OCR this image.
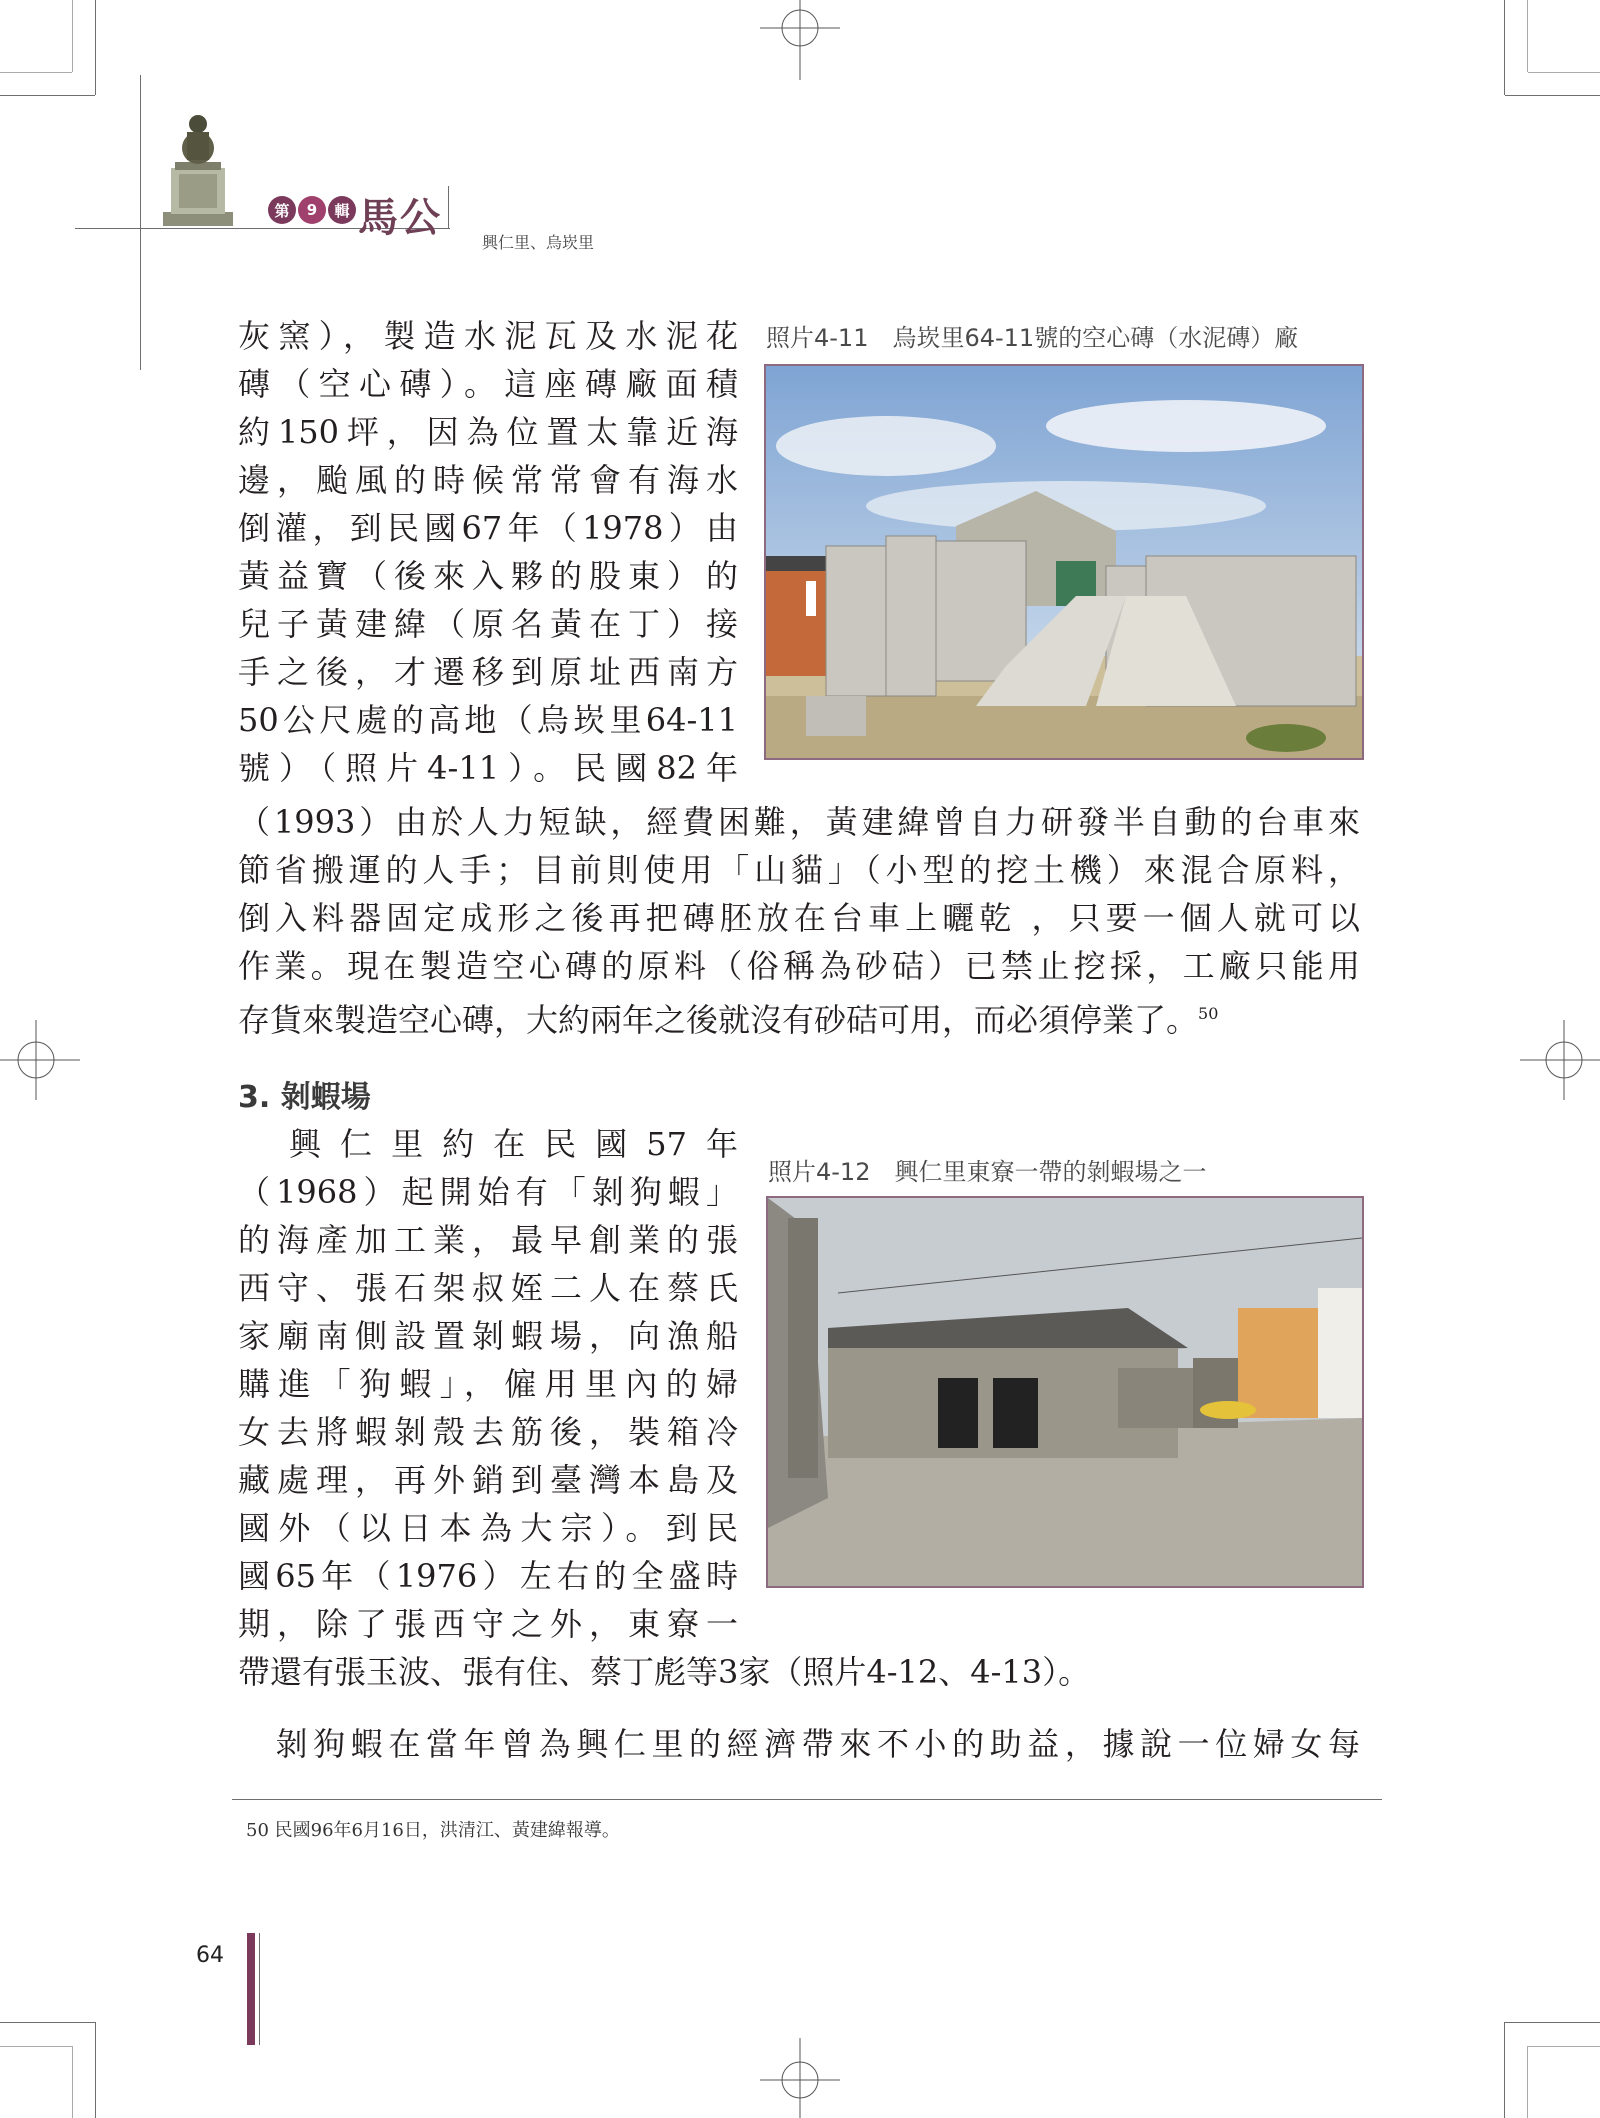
第	9	輯 馬公
興仁里、烏崁里
灰窯），製造水泥瓦及水泥花
磚（空心磚）。這座磚廠面積
約150坪，因為位置太靠近海
邊，颱風的時候常常會有海水
倒灌，到民國67年（1978）由
黃益寶（後來入夥的股東）的
兒子黃建緯（原名黃在丁）接
手之後，才遷移到原址西南方
50公尺處的高地（烏崁里64-11
號）（照片4-11）。民國82年
照片4-11　烏崁里64-11號的空心磚（水泥磚）廠
（1993）由於人力短缺，經費困難，黃建緯曾自力研發半自動的台車來
節省搬運的人手；目前則使用「山貓」（小型的挖土機）來混合原料，
倒入料器固定成形之後再把磚胚放在台車上曬乾 ，只要一個人就可以
作業。現在製造空心磚的原料（俗稱為砂硈）已禁止挖採，工廠只能用
存貨來製造空心磚，大約兩年之後就沒有砂硈可用，而必須停業了。$^{50}$
3. 剝蝦場
　興仁里約在民國57年
（1968）起開始有「剝狗蝦」
的海產加工業，最早創業的張
西守、張石架叔姪二人在蔡氏
家廟南側設置剝蝦場，向漁船
購進「狗蝦」，僱用里內的婦
女去將蝦剝殼去筋後，裝箱冷
藏處理，再外銷到臺灣本島及
國外（以日本為大宗）。到民
國65年（1976）左右的全盛時
期，除了張西守之外，東寮一
照片4-12　興仁里東寮一帶的剝蝦場之一
帶還有張玉波、張有住、蔡丁彪等3家（照片4-12、4-13）。
　剝狗蝦在當年曾為興仁里的經濟帶來不小的助益，據說一位婦女每
50 民國96年6月16日，洪清江、黃建緯報導。
64
